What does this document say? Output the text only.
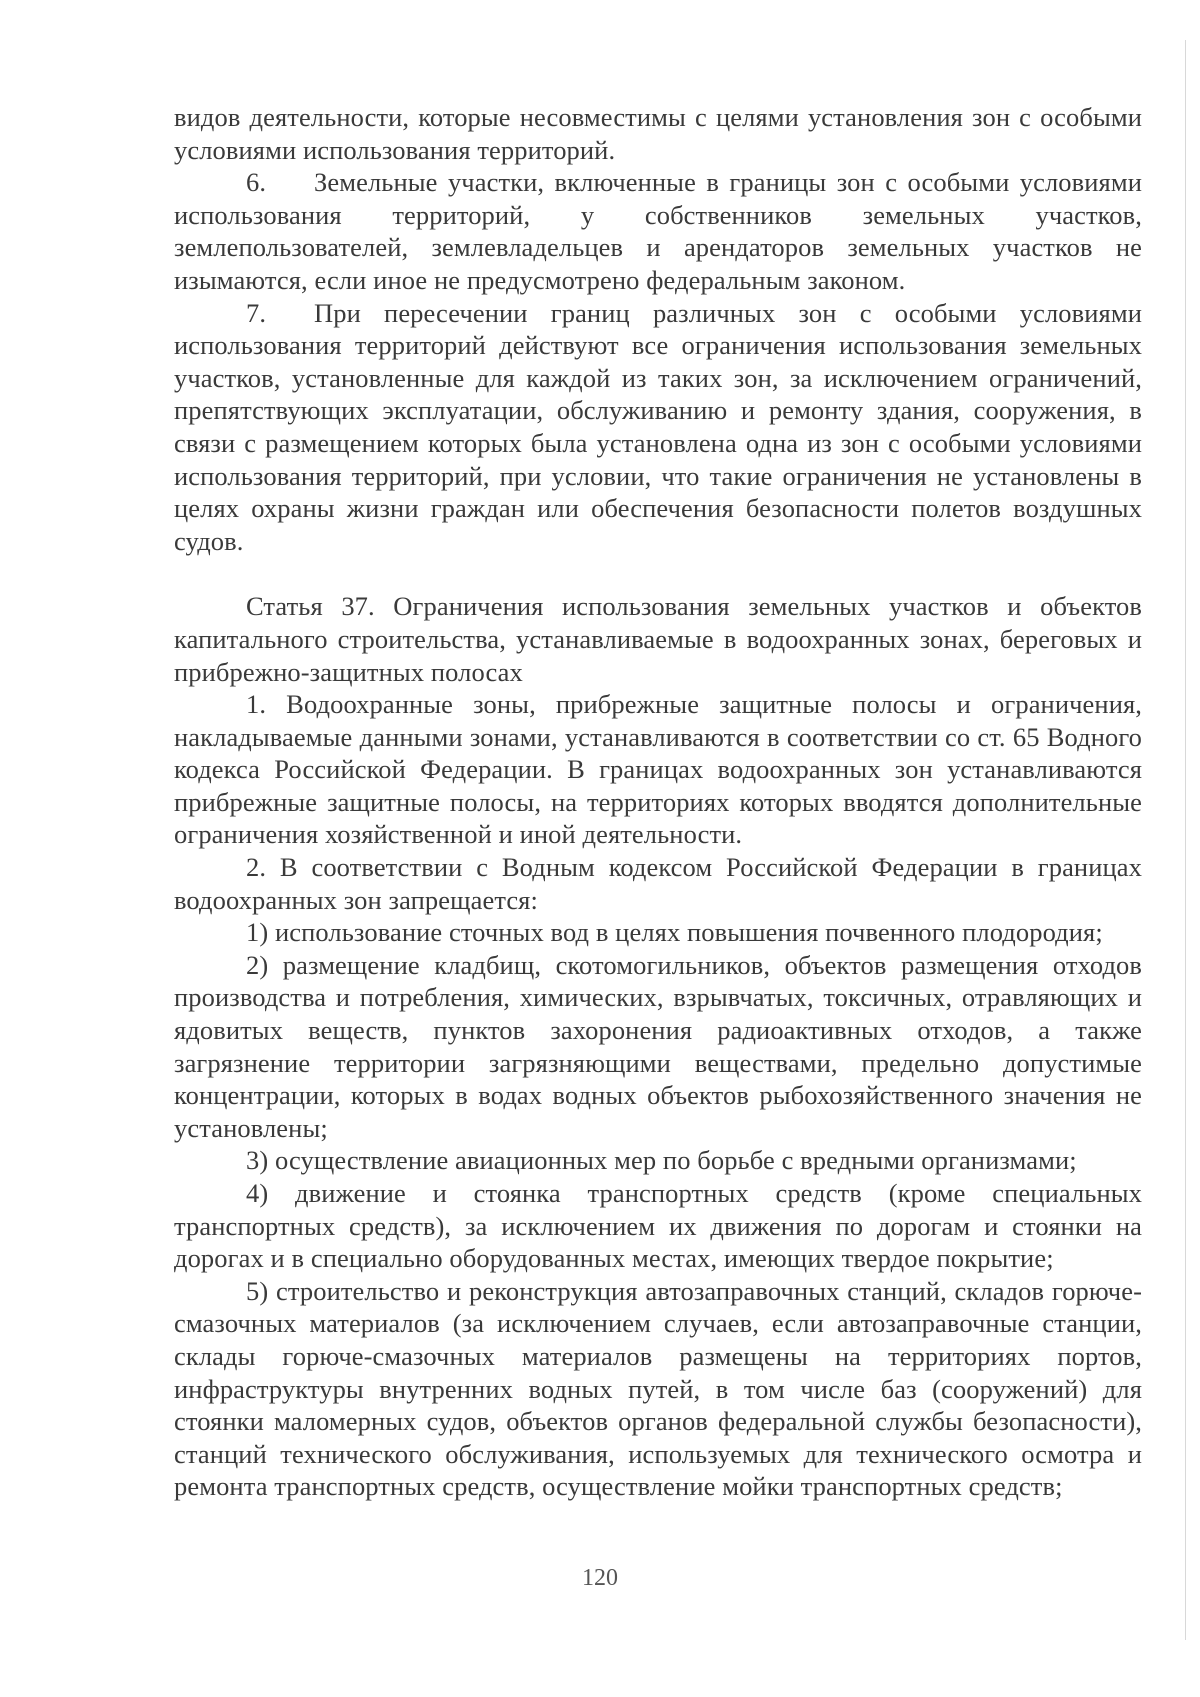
видов деятельности, которые несовместимы с целями установления зон с особыми условиями использования территорий.

6. Земельные участки, включенные в границы зон с особыми условиями использования территорий, у собственников земельных участков, землепользователей, землевладельцев и арендаторов земельных участков не изымаются, если иное не предусмотрено федеральным законом.

7. При пересечении границ различных зон с особыми условиями использования территорий действуют все ограничения использования земельных участков, установленные для каждой из таких зон, за исключением ограничений, препятствующих эксплуатации, обслуживанию и ремонту здания, сооружения, в связи с размещением которых была установлена одна из зон с особыми условиями использования территорий, при условии, что такие ограничения не установлены в целях охраны жизни граждан или обеспечения безопасности полетов воздушных судов.

Статья 37. Ограничения использования земельных участков и объектов капитального строительства, устанавливаемые в водоохранных зонах, береговых и прибрежно-защитных полосах

1. Водоохранные зоны, прибрежные защитные полосы и ограничения, накладываемые данными зонами, устанавливаются в соответствии со ст. 65 Водного кодекса Российской Федерации. В границах водоохранных зон устанавливаются прибрежные защитные полосы, на территориях которых вводятся дополнительные ограничения хозяйственной и иной деятельности.

2. В соответствии с Водным кодексом Российской Федерации в границах водоохранных зон запрещается:

1) использование сточных вод в целях повышения почвенного плодородия;

2) размещение кладбищ, скотомогильников, объектов размещения отходов производства и потребления, химических, взрывчатых, токсичных, отравляющих и ядовитых веществ, пунктов захоронения радиоактивных отходов, а также загрязнение территории загрязняющими веществами, предельно допустимые концентрации, которых в водах водных объектов рыбохозяйственного значения не установлены;

3) осуществление авиационных мер по борьбе с вредными организмами;

4) движение и стоянка транспортных средств (кроме специальных транспортных средств), за исключением их движения по дорогам и стоянки на дорогах и в специально оборудованных местах, имеющих твердое покрытие;

5) строительство и реконструкция автозаправочных станций, складов горюче-смазочных материалов (за исключением случаев, если автозаправочные станции, склады горюче-смазочных материалов размещены на территориях портов, инфраструктуры внутренних водных путей, в том числе баз (сооружений) для стоянки маломерных судов, объектов органов федеральной службы безопасности), станций технического обслуживания, используемых для технического осмотра и ремонта транспортных средств, осуществление мойки транспортных средств;

120
